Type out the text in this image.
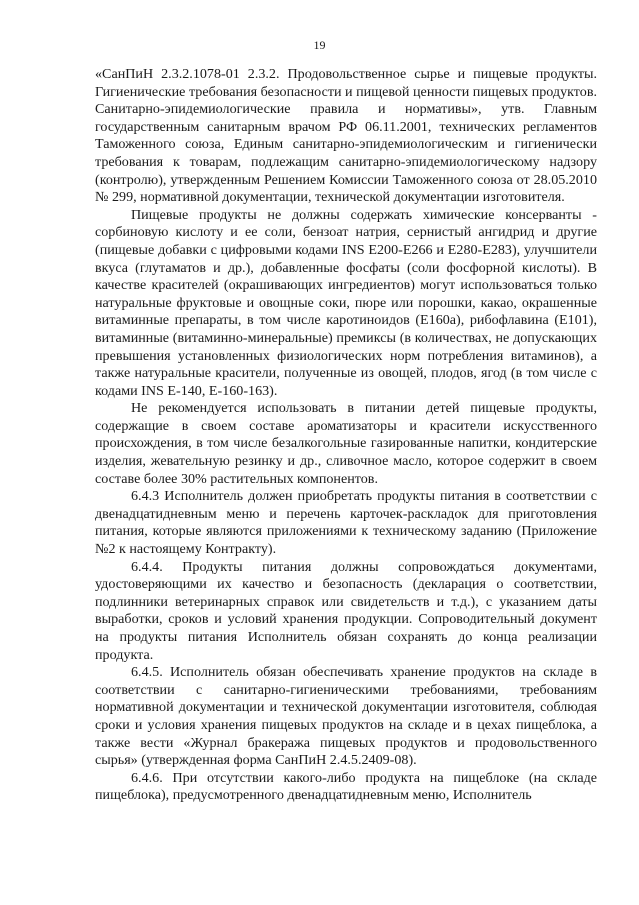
19

«СанПиН 2.3.2.1078-01 2.3.2. Продовольственное сырье и пищевые продукты. Гигиенические требования безопасности и пищевой ценности пищевых продуктов. Санитарно-эпидемиологические правила и нормативы», утв. Главным государственным санитарным врачом РФ 06.11.2001, технических регламентов Таможенного союза, Единым санитарно-эпидемиологическим и гигиенически требования к товарам, подлежащим санитарно-эпидемиологическому надзору (контролю), утвержденным Решением Комиссии Таможенного союза от 28.05.2010 № 299, нормативной документации, технической документации изготовителя.

Пищевые продукты не должны содержать химические консерванты - сорбиновую кислоту и ее соли, бензоат натрия, сернистый ангидрид и другие (пищевые добавки с цифровыми кодами INS E200-E266 и E280-E283), улучшители вкуса (глутаматов и др.), добавленные фосфаты (соли фосфорной кислоты). В качестве красителей (окрашивающих ингредиентов) могут использоваться только натуральные фруктовые и овощные соки, пюре или порошки, какао, окрашенные витаминные препараты, в том числе каротиноидов (E160a), рибофлавина (E101), витаминные (витаминно-минеральные) премиксы (в количествах, не допускающих превышения установленных физиологических норм потребления витаминов), а также натуральные красители, полученные из овощей, плодов, ягод (в том числе с кодами INS E-140, E-160-163).

Не рекомендуется использовать в питании детей пищевые продукты, содержащие в своем составе ароматизаторы и красители искусственного происхождения, в том числе безалкогольные газированные напитки, кондитерские изделия, жевательную резинку и др., сливочное масло, которое содержит в своем составе более 30% растительных компонентов.

6.4.3 Исполнитель должен приобретать продукты питания в соответствии с двенадцатидневным меню и перечень карточек-раскладок для приготовления питания, которые являются приложениями к техническому заданию (Приложение №2 к настоящему Контракту).

6.4.4. Продукты питания должны сопровождаться документами, удостоверяющими их качество и безопасность (декларация о соответствии, подлинники ветеринарных справок или свидетельств и т.д.), с указанием даты выработки, сроков и условий хранения продукции. Сопроводительный документ на продукты питания Исполнитель обязан сохранять до конца реализации продукта.

6.4.5. Исполнитель обязан обеспечивать хранение продуктов на складе в соответствии с санитарно-гигиеническими требованиями, требованиям нормативной документации и технической документации изготовителя, соблюдая сроки и условия хранения пищевых продуктов на складе и в цехах пищеблока, а также вести «Журнал бракеража пищевых продуктов и продовольственного сырья» (утвержденная форма СанПиН 2.4.5.2409-08).

6.4.6. При отсутствии какого-либо продукта на пищеблоке (на складе пищеблока), предусмотренного двенадцатидневным меню, Исполнитель
